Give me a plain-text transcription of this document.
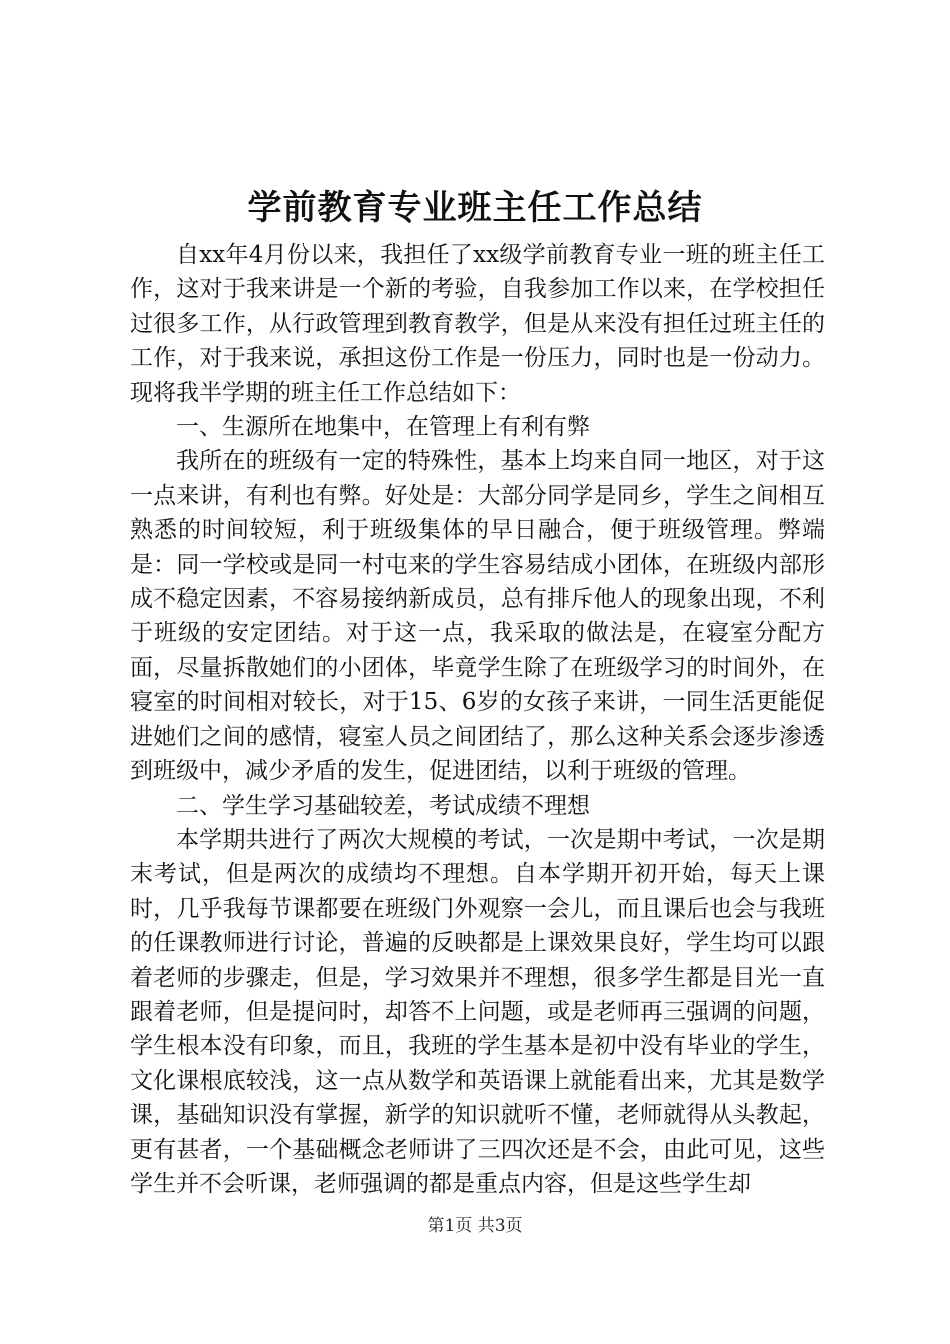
学前教育专业班主任工作总结

自xx年4月份以来，我担任了xx级学前教育专业一班的班主任工作，这对于我来讲是一个新的考验，自我参加工作以来，在学校担任过很多工作，从行政管理到教育教学，但是从来没有担任过班主任的工作，对于我来说，承担这份工作是一份压力，同时也是一份动力。现将我半学期的班主任工作总结如下：

一、生源所在地集中，在管理上有利有弊

我所在的班级有一定的特殊性，基本上均来自同一地区，对于这一点来讲，有利也有弊。好处是：大部分同学是同乡，学生之间相互熟悉的时间较短，利于班级集体的早日融合，便于班级管理。弊端是：同一学校或是同一村屯来的学生容易结成小团体，在班级内部形成不稳定因素，不容易接纳新成员，总有排斥他人的现象出现，不利于班级的安定团结。对于这一点，我采取的做法是，在寝室分配方面，尽量拆散她们的小团体，毕竟学生除了在班级学习的时间外，在寝室的时间相对较长，对于15、6岁的女孩子来讲，一同生活更能促进她们之间的感情，寝室人员之间团结了，那么这种关系会逐步渗透到班级中，减少矛盾的发生，促进团结，以利于班级的管理。

二、学生学习基础较差，考试成绩不理想

本学期共进行了两次大规模的考试，一次是期中考试，一次是期末考试，但是两次的成绩均不理想。自本学期开初开始，每天上课时，几乎我每节课都要在班级门外观察一会儿，而且课后也会与我班的任课教师进行讨论，普遍的反映都是上课效果良好，学生均可以跟着老师的步骤走，但是，学习效果并不理想，很多学生都是目光一直跟着老师，但是提问时，却答不上问题，或是老师再三强调的问题，学生根本没有印象，而且，我班的学生基本是初中没有毕业的学生，文化课根底较浅，这一点从数学和英语课上就能看出来，尤其是数学课，基础知识没有掌握，新学的知识就听不懂，老师就得从头教起，更有甚者，一个基础概念老师讲了三四次还是不会，由此可见，这些学生并不会听课，老师强调的都是重点内容，但是这些学生却

第1页 共3页
